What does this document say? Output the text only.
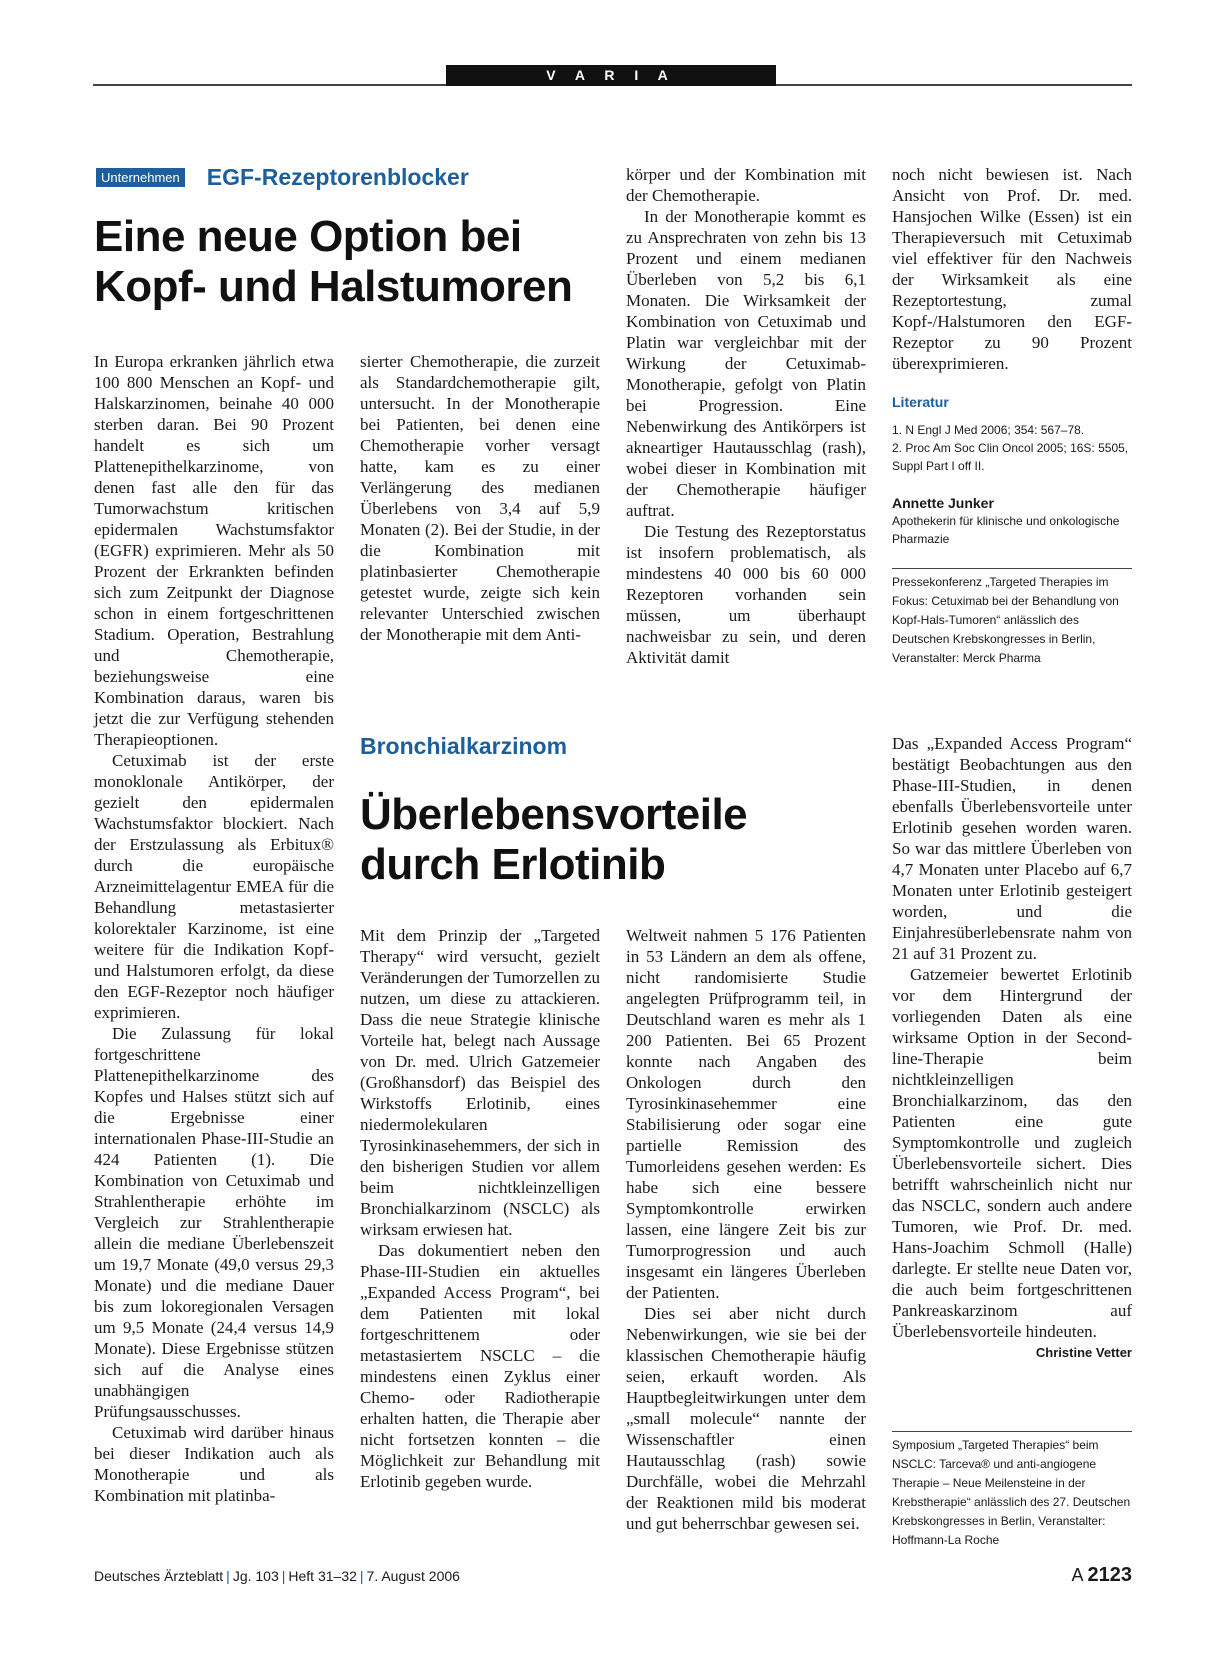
V A R I A
Unternehmen EGF-Rezeptorenblocker
Eine neue Option bei
Kopf- und Halstumoren

In Europa erkranken jährlich etwa 100 800 Menschen an Kopf- und Halskarzinomen, beinahe 40 000 sterben daran. Bei 90 Prozent handelt es sich um Plattenepithelkarzinome, von denen fast alle den für das Tumorwachstum kritischen epidermalen Wachstumsfaktor (EGFR) exprimieren. Mehr als 50 Prozent der Erkrankten befinden sich zum Zeitpunkt der Diagnose schon in einem fortgeschrittenen Stadium. Operation, Bestrahlung und Chemotherapie, beziehungsweise eine Kombination daraus, waren bis jetzt die zur Verfügung stehenden Therapieoptionen.

Cetuximab ist der erste monoklonale Antikörper, der gezielt den epidermalen Wachstumsfaktor blockiert. Nach der Erstzulassung als Erbitux® durch die europäische Arzneimittelagentur EMEA für die Behandlung metastasierter kolorektaler Karzinome, ist eine weitere für die Indikation Kopf- und Halstumoren erfolgt, da diese den EGF-Rezeptor noch häufiger exprimieren.

Die Zulassung für lokal fortgeschrittene Plattenepithelkarzinome des Kopfes und Halses stützt sich auf die Ergebnisse einer internationalen Phase-III-Studie an 424 Patienten (1). Die Kombination von Cetuximab und Strahlentherapie erhöhte im Vergleich zur Strahlentherapie allein die mediane Überlebenszeit um 19,7 Monate (49,0 versus 29,3 Monate) und die mediane Dauer bis zum lokoregionalen Versagen um 9,5 Monate (24,4 versus 14,9 Monate). Diese Ergebnisse stützen sich auf die Analyse eines unabhängigen Prüfungsausschusses.

Cetuximab wird darüber hinaus bei dieser Indikation auch als Monotherapie und als Kombination mit platinba-

sierter Chemotherapie, die zurzeit als Standardchemotherapie gilt, untersucht. In der Monotherapie bei Patienten, bei denen eine Chemotherapie vorher versagt hatte, kam es zu einer Verlängerung des medianen Überlebens von 3,4 auf 5,9 Monaten (2). Bei der Studie, in der die Kombination mit platinbasierter Chemotherapie getestet wurde, zeigte sich kein relevanter Unterschied zwischen der Monotherapie mit dem Anti-

körper und der Kombination mit der Chemotherapie.

In der Monotherapie kommt es zu Ansprechraten von zehn bis 13 Prozent und einem medianen Überleben von 5,2 bis 6,1 Monaten. Die Wirksamkeit der Kombination von Cetuximab und Platin war vergleichbar mit der Wirkung der Cetuximab-Monotherapie, gefolgt von Platin bei Progression. Eine Nebenwirkung des Antikörpers ist akneartiger Hautausschlag (rash), wobei dieser in Kombination mit der Chemotherapie häufiger auftrat.

Die Testung des Rezeptorstatus ist insofern problematisch, als mindestens 40 000 bis 60 000 Rezeptoren vorhanden sein müssen, um überhaupt nachweisbar zu sein, und deren Aktivität damit

noch nicht bewiesen ist. Nach Ansicht von Prof. Dr. med. Hansjochen Wilke (Essen) ist ein Therapieversuch mit Cetuximab viel effektiver für den Nachweis der Wirksamkeit als eine Rezeptortestung, zumal Kopf-/Halstumoren den EGF-Rezeptor zu 90 Prozent überexprimieren.

Literatur
1. N Engl J Med 2006; 354: 567–78.
2. Proc Am Soc Clin Oncol 2005; 16S: 5505, Suppl Part I off II.
Annette Junker
Apothekerin für klinische und onkologische Pharmazie
Pressekonferenz „Targeted Therapies im Fokus: Cetuximab bei der Behandlung von Kopf-Hals-Tumoren“ anlässlich des Deutschen Krebskongresses in Berlin, Veranstalter: Merck Pharma
Bronchialkarzinom
Überlebensvorteile
durch Erlotinib

Mit dem Prinzip der „Targeted Therapy“ wird versucht, gezielt Veränderungen der Tumorzellen zu nutzen, um diese zu attackieren. Dass die neue Strategie klinische Vorteile hat, belegt nach Aussage von Dr. med. Ulrich Gatzemeier (Großhansdorf) das Beispiel des Wirkstoffs Erlotinib, eines niedermolekularen Tyrosinkinasehemmers, der sich in den bisherigen Studien vor allem beim nichtkleinzelligen Bronchialkarzinom (NSCLC) als wirksam erwiesen hat.

Das dokumentiert neben den Phase-III-Studien ein aktuelles „Expanded Access Program“, bei dem Patienten mit lokal fortgeschrittenem oder metastasiertem NSCLC – die mindestens einen Zyklus einer Chemo- oder Radiotherapie erhalten hatten, die Therapie aber nicht fortsetzen konnten – die Möglichkeit zur Behandlung mit Erlotinib gegeben wurde.

Weltweit nahmen 5 176 Patienten in 53 Ländern an dem als offene, nicht randomisierte Studie angelegten Prüfprogramm teil, in Deutschland waren es mehr als 1 200 Patienten. Bei 65 Prozent konnte nach Angaben des Onkologen durch den Tyrosinkinasehemmer eine Stabilisierung oder sogar eine partielle Remission des Tumorleidens gesehen werden: Es habe sich eine bessere Symptomkontrolle erwirken lassen, eine längere Zeit bis zur Tumorprogression und auch insgesamt ein längeres Überleben der Patienten.

Dies sei aber nicht durch Nebenwirkungen, wie sie bei der klassischen Chemotherapie häufig seien, erkauft worden. Als Hauptbegleitwirkungen unter dem „small molecule“ nannte der Wissenschaftler einen Hautausschlag (rash) sowie Durchfälle, wobei die Mehrzahl der Reaktionen mild bis moderat und gut beherrschbar gewesen sei.

Das „Expanded Access Program“ bestätigt Beobachtungen aus den Phase-III-Studien, in denen ebenfalls Überlebensvorteile unter Erlotinib gesehen worden waren. So war das mittlere Überleben von 4,7 Monaten unter Placebo auf 6,7 Monaten unter Erlotinib gesteigert worden, und die Einjahresüberlebensrate nahm von 21 auf 31 Prozent zu.

Gatzemeier bewertet Erlotinib vor dem Hintergrund der vorliegenden Daten als eine wirksame Option in der Second-line-Therapie beim nichtkleinzelligen Bronchialkarzinom, das den Patienten eine gute Symptomkontrolle und zugleich Überlebensvorteile sichert. Dies betrifft wahrscheinlich nicht nur das NSCLC, sondern auch andere Tumoren, wie Prof. Dr. med. Hans-Joachim Schmoll (Halle) darlegte. Er stellte neue Daten vor, die auch beim fortgeschrittenen Pankreaskarzinom auf Überlebensvorteile hindeuten.
Christine Vetter

Symposium „Targeted Therapies“ beim NSCLC: Tarceva® und anti-angiogene Therapie – Neue Meilensteine in der Krebstherapie“ anlässlich des 27. Deutschen Krebskongresses in Berlin, Veranstalter: Hoffmann-La Roche
Deutsches Ärzteblatt | Jg. 103 | Heft 31–32 | 7. August 2006	A 2123
